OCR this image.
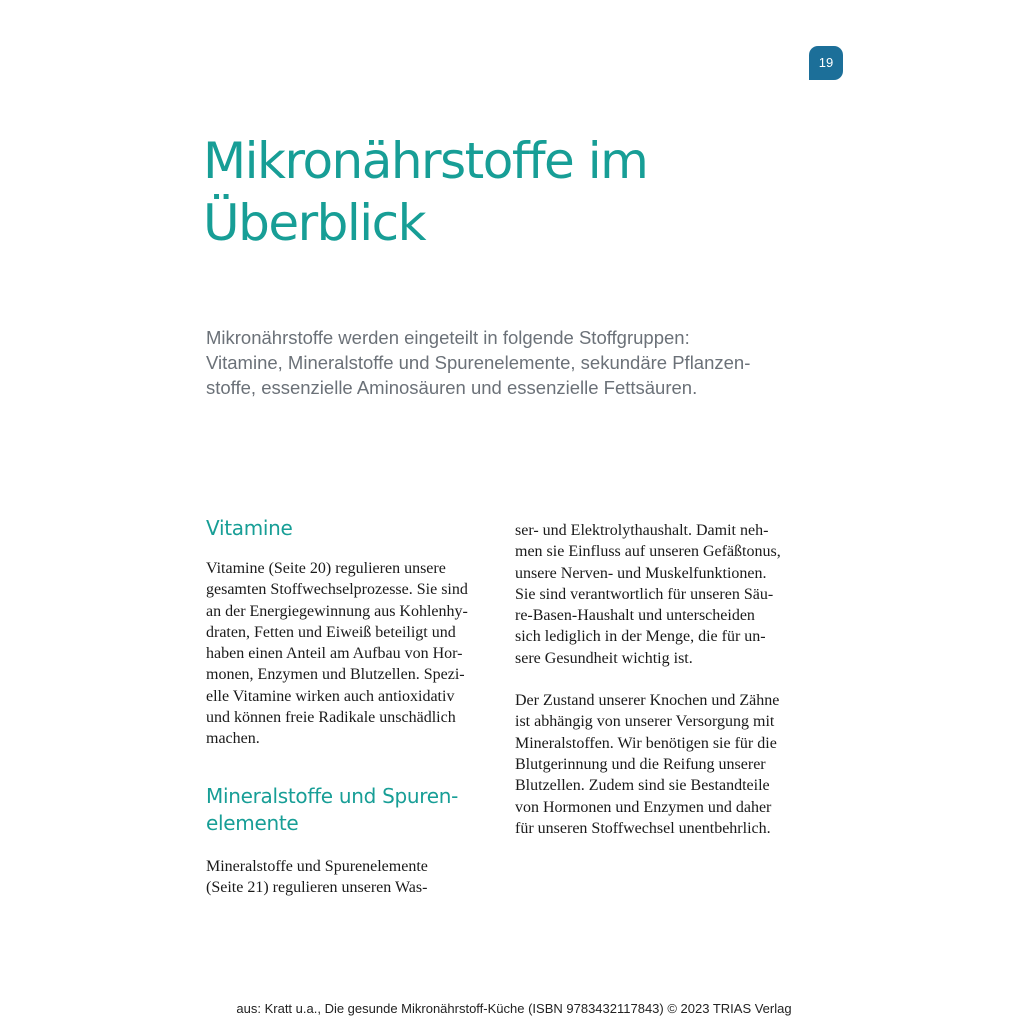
19
Mikronährstoffe im
Überblick

Mikronährstoffe werden eingeteilt in folgende Stoffgruppen:
Vitamine, Mineralstoffe und Spurenelemente, sekundäre Pflanzen-
stoffe, essenzielle Aminosäuren und essenzielle Fettsäuren.

Vitamine

Vitamine (Seite 20) regulieren unsere
gesamten Stoffwechselprozesse. Sie sind
an der Energiegewinnung aus Kohlenhy-
draten, Fetten und Eiweiß beteiligt und
haben einen Anteil am Aufbau von Hor-
monen, Enzymen und Blutzellen. Spezi-
elle Vitamine wirken auch antioxidativ
und können freie Radikale unschädlich
machen.

Mineralstoffe und Spuren-
elemente

Mineralstoffe und Spurenelemente
(Seite 21) regulieren unseren Was-

ser- und Elektrolythaushalt. Damit neh-
men sie Einfluss auf unseren Gefäßtonus,
unsere Nerven- und Muskelfunktionen.
Sie sind verantwortlich für unseren Säu-
re-Basen-Haushalt und unterscheiden
sich lediglich in der Menge, die für un-
sere Gesundheit wichtig ist.

Der Zustand unserer Knochen und Zähne
ist abhängig von unserer Versorgung mit
Mineralstoffen. Wir benötigen sie für die
Blutgerinnung und die Reifung unserer
Blutzellen. Zudem sind sie Bestandteile
von Hormonen und Enzymen und daher
für unseren Stoffwechsel unentbehrlich.

aus: Kratt u.a., Die gesunde Mikronährstoff-Küche (ISBN 9783432117843) © 2023 TRIAS Verlag
